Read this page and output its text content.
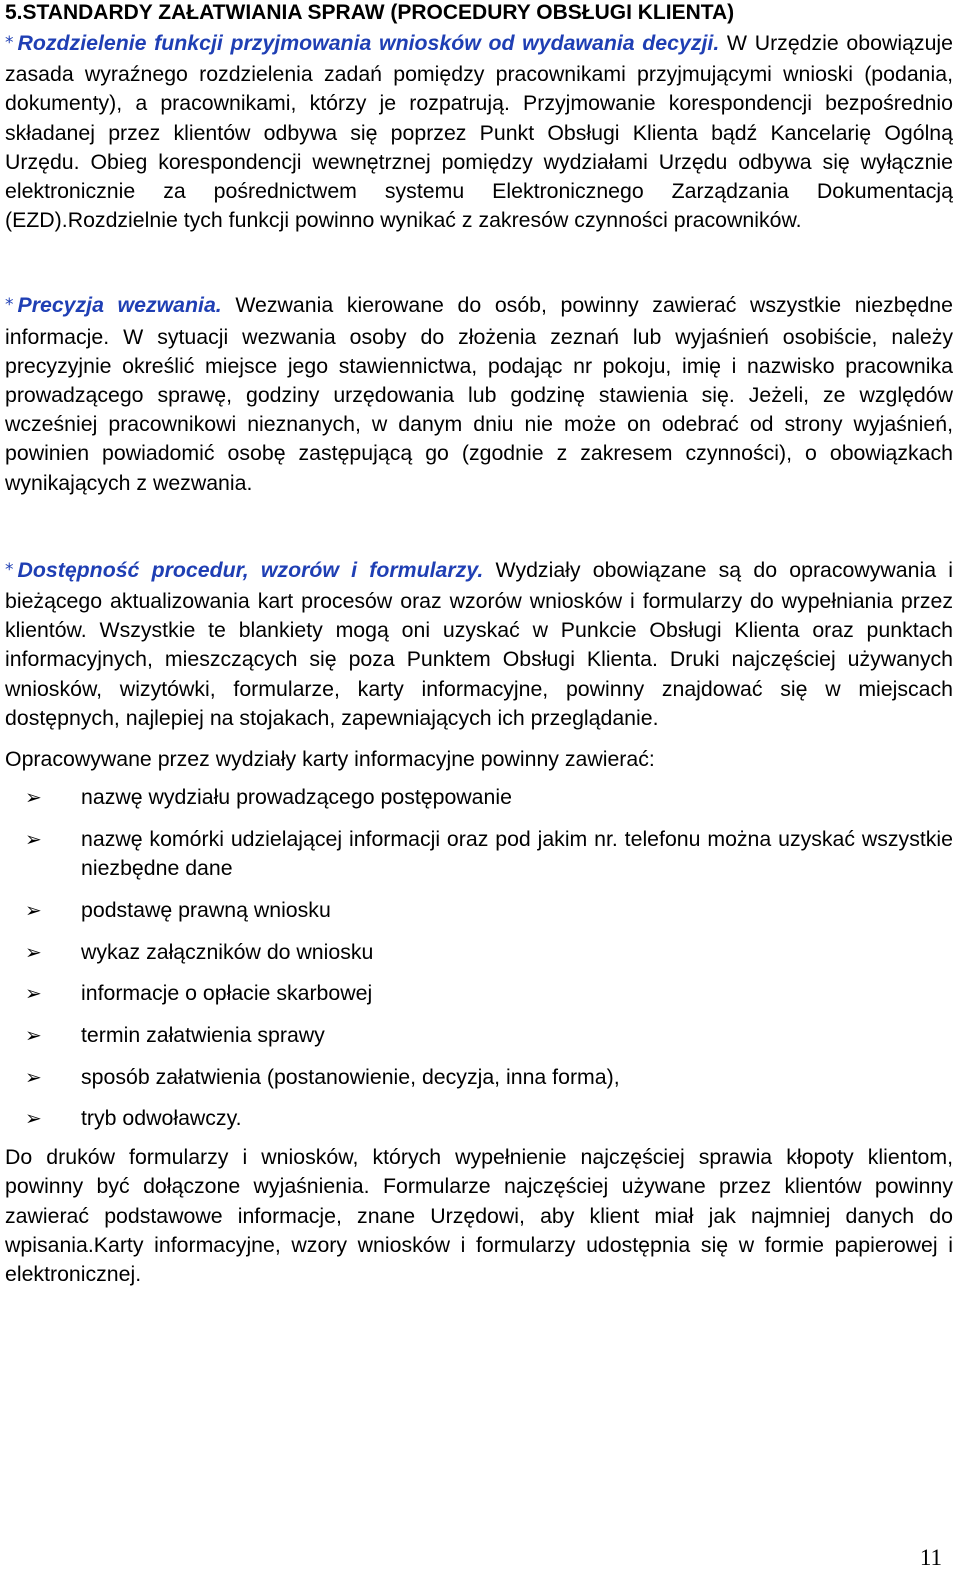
5.STANDARDY ZAŁATWIANIA SPRAW (PROCEDURY OBSŁUGI KLIENTA)

* Rozdzielenie funkcji przyjmowania wniosków od wydawania decyzji. W Urzędzie obowiązuje zasada wyraźnego rozdzielenia zadań pomiędzy pracownikami przyjmującymi wnioski (podania, dokumenty), a pracownikami, którzy je rozpatrują. Przyjmowanie korespondencji bezpośrednio składanej przez klientów odbywa się poprzez Punkt Obsługi Klienta bądź Kancelarię Ogólną Urzędu. Obieg korespondencji wewnętrznej pomiędzy wydziałami Urzędu odbywa się wyłącznie elektronicznie za pośrednictwem systemu Elektronicznego Zarządzania Dokumentacją (EZD).Rozdzielnie tych funkcji powinno wynikać z zakresów czynności pracowników.

* Precyzja wezwania. Wezwania kierowane do osób, powinny zawierać wszystkie niezbędne informacje. W sytuacji wezwania osoby do złożenia zeznań lub wyjaśnień osobiście, należy precyzyjnie określić miejsce jego stawiennictwa, podając nr pokoju, imię i nazwisko pracownika prowadzącego sprawę, godziny urzędowania lub godzinę stawienia się. Jeżeli, ze względów wcześniej pracownikowi nieznanych, w danym dniu nie może on odebrać od strony wyjaśnień, powinien powiadomić osobę zastępującą go (zgodnie z zakresem czynności), o obowiązkach wynikających z wezwania.

* Dostępność procedur, wzorów i formularzy. Wydziały obowiązane są do opracowywania i bieżącego aktualizowania kart procesów oraz wzorów wniosków i formularzy do wypełniania przez klientów. Wszystkie te blankiety mogą oni uzyskać w Punkcie Obsługi Klienta oraz punktach informacyjnych, mieszczących się poza Punktem Obsługi Klienta. Druki najczęściej używanych wniosków, wizytówki, formularze, karty informacyjne, powinny znajdować się w miejscach dostępnych, najlepiej na stojakach, zapewniających ich przeglądanie.

Opracowywane przez wydziały karty informacyjne powinny zawierać:

➢ nazwę wydziału prowadzącego postępowanie
➢ nazwę komórki udzielającej informacji oraz pod jakim nr. telefonu można uzyskać wszystkie niezbędne dane
➢ podstawę prawną wniosku
➢ wykaz załączników do wniosku
➢ informacje o opłacie skarbowej
➢ termin załatwienia sprawy
➢ sposób załatwienia (postanowienie, decyzja, inna forma),
➢ tryb odwoławczy.

Do druków formularzy i wniosków, których wypełnienie najczęściej sprawia kłopoty klientom, powinny być dołączone wyjaśnienia. Formularze najczęściej używane przez klientów powinny zawierać podstawowe informacje, znane Urzędowi, aby klient miał jak najmniej danych do wpisania.Karty informacyjne, wzory wniosków i formularzy udostępnia się w formie papierowej i elektronicznej.

11
